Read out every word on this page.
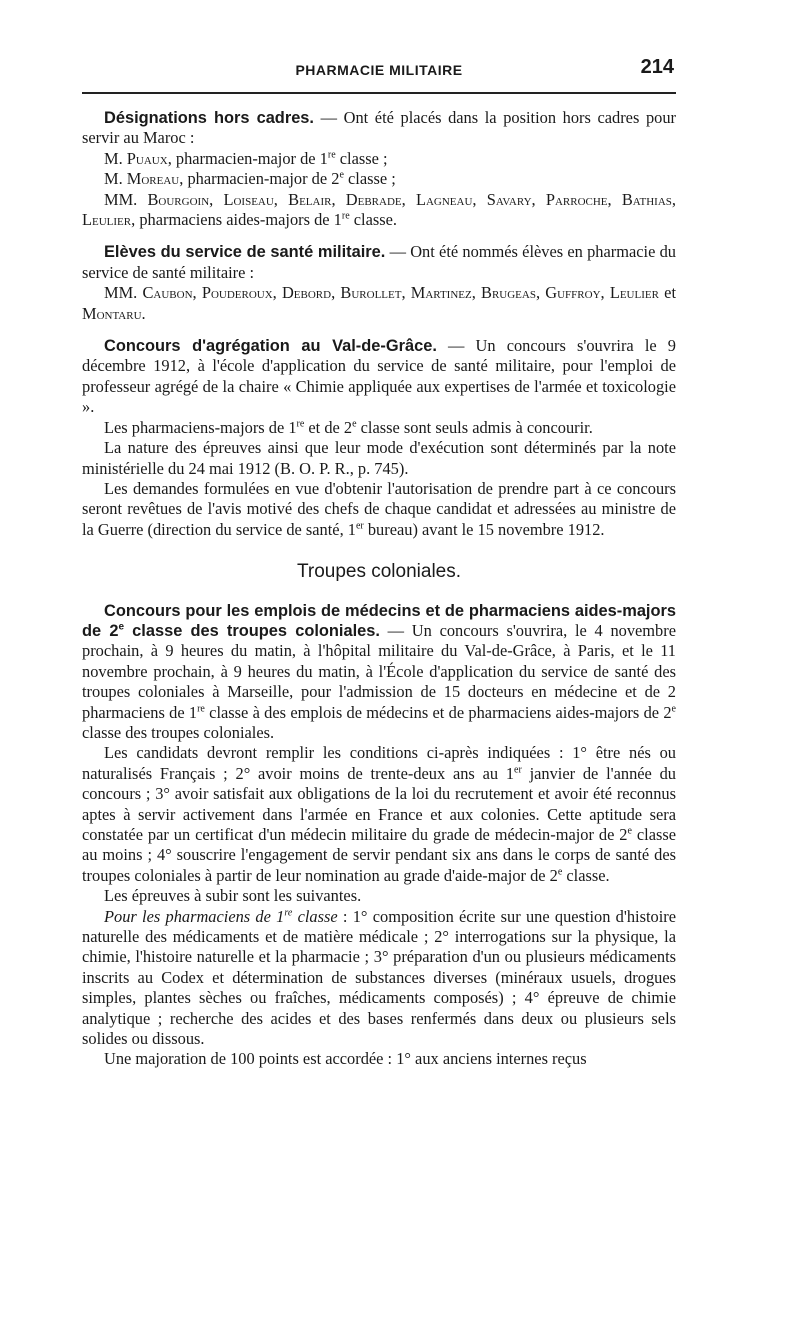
PHARMACIE MILITAIRE	214

Désignations hors cadres. — Ont été placés dans la position hors cadres pour servir au Maroc :

M. Puaux, pharmacien-major de 1re classe ;

M. Moreau, pharmacien-major de 2e classe ;

MM. Bourgoin, Loiseau, Belair, Debrade, Lagneau, Savary, Parroche, Bathias, Leulier, pharmaciens aides-majors de 1re classe.

Elèves du service de santé militaire. — Ont été nommés élèves en pharmacie du service de santé militaire :

MM. Caubon, Pouderoux, Debord, Burollet, Martinez, Brugeas, Guffroy, Leulier et Montaru.

Concours d'agrégation au Val-de-Grâce. — Un concours s'ouvrira le 9 décembre 1912, à l'école d'application du service de santé militaire, pour l'emploi de professeur agrégé de la chaire « Chimie appliquée aux expertises de l'armée et toxicologie ».

Les pharmaciens-majors de 1re et de 2e classe sont seuls admis à concourir.

La nature des épreuves ainsi que leur mode d'exécution sont déterminés par la note ministérielle du 24 mai 1912 (B. O. P. R., p. 745).

Les demandes formulées en vue d'obtenir l'autorisation de prendre part à ce concours seront revêtues de l'avis motivé des chefs de chaque candidat et adressées au ministre de la Guerre (direction du service de santé, 1er bureau) avant le 15 novembre 1912.

Troupes coloniales.

Concours pour les emplois de médecins et de pharmaciens aides-majors de 2e classe des troupes coloniales. — Un concours s'ouvrira, le 4 novembre prochain, à 9 heures du matin, à l'hôpital militaire du Val-de-Grâce, à Paris, et le 11 novembre prochain, à 9 heures du matin, à l'École d'application du service de santé des troupes coloniales à Marseille, pour l'admission de 15 docteurs en médecine et de 2 pharmaciens de 1re classe à des emplois de médecins et de pharmaciens aides-majors de 2e classe des troupes coloniales.

Les candidats devront remplir les conditions ci-après indiquées : 1° être nés ou naturalisés Français ; 2° avoir moins de trente-deux ans au 1er janvier de l'année du concours ; 3° avoir satisfait aux obligations de la loi du recrutement et avoir été reconnus aptes à servir activement dans l'armée en France et aux colonies. Cette aptitude sera constatée par un certificat d'un médecin militaire du grade de médecin-major de 2e classe au moins ; 4° souscrire l'engagement de servir pendant six ans dans le corps de santé des troupes coloniales à partir de leur nomination au grade d'aide-major de 2e classe.

Les épreuves à subir sont les suivantes.

Pour les pharmaciens de 1re classe : 1° composition écrite sur une question d'histoire naturelle des médicaments et de matière médicale ; 2° interrogations sur la physique, la chimie, l'histoire naturelle et la pharmacie ; 3° préparation d'un ou plusieurs médicaments inscrits au Codex et détermination de substances diverses (minéraux usuels, drogues simples, plantes sèches ou fraîches, médicaments composés) ; 4° épreuve de chimie analytique ; recherche des acides et des bases renfermés dans deux ou plusieurs sels solides ou dissous.

Une majoration de 100 points est accordée : 1° aux anciens internes reçus
